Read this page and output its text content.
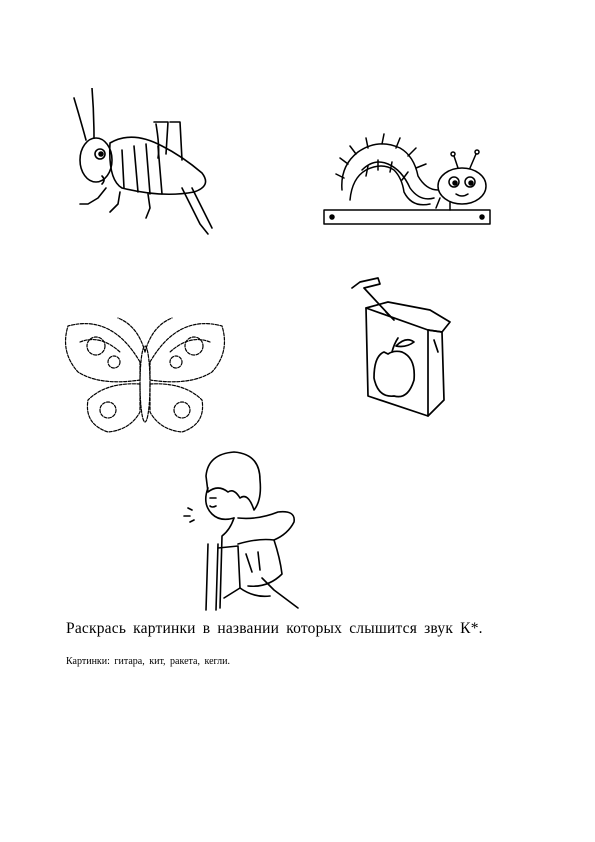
Раскрась картинки в названии которых слышится звук К*.
Картинки: гитара, кит, ракета, кегли.
